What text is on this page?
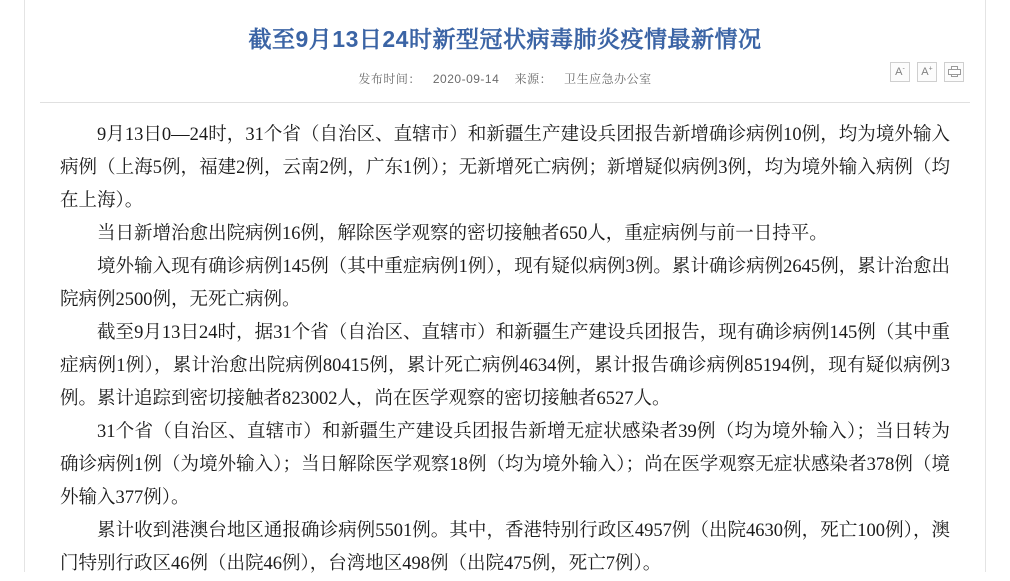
截至9月13日24时新型冠状病毒肺炎疫情最新情况
发布时间： 2020-09-14 来源： 卫生应急办公室	A-	A+

9月13日0—24时，31个省（自治区、直辖市）和新疆生产建设兵团报告新增确诊病例10例，均为境外输入病例（上海5例，福建2例，云南2例，广东1例）；无新增死亡病例；新增疑似病例3例，均为境外输入病例（均在上海）。

当日新增治愈出院病例16例，解除医学观察的密切接触者650人，重症病例与前一日持平。

境外输入现有确诊病例145例（其中重症病例1例），现有疑似病例3例。累计确诊病例2645例，累计治愈出院病例2500例，无死亡病例。

截至9月13日24时，据31个省（自治区、直辖市）和新疆生产建设兵团报告，现有确诊病例145例（其中重症病例1例），累计治愈出院病例80415例，累计死亡病例4634例，累计报告确诊病例85194例，现有疑似病例3例。累计追踪到密切接触者823002人，尚在医学观察的密切接触者6527人。

31个省（自治区、直辖市）和新疆生产建设兵团报告新增无症状感染者39例（均为境外输入）；当日转为确诊病例1例（为境外输入）；当日解除医学观察18例（均为境外输入）；尚在医学观察无症状感染者378例（境外输入377例）。

累计收到港澳台地区通报确诊病例5501例。其中，香港特别行政区4957例（出院4630例，死亡100例），澳门特别行政区46例（出院46例），台湾地区498例（出院475例，死亡7例）。
